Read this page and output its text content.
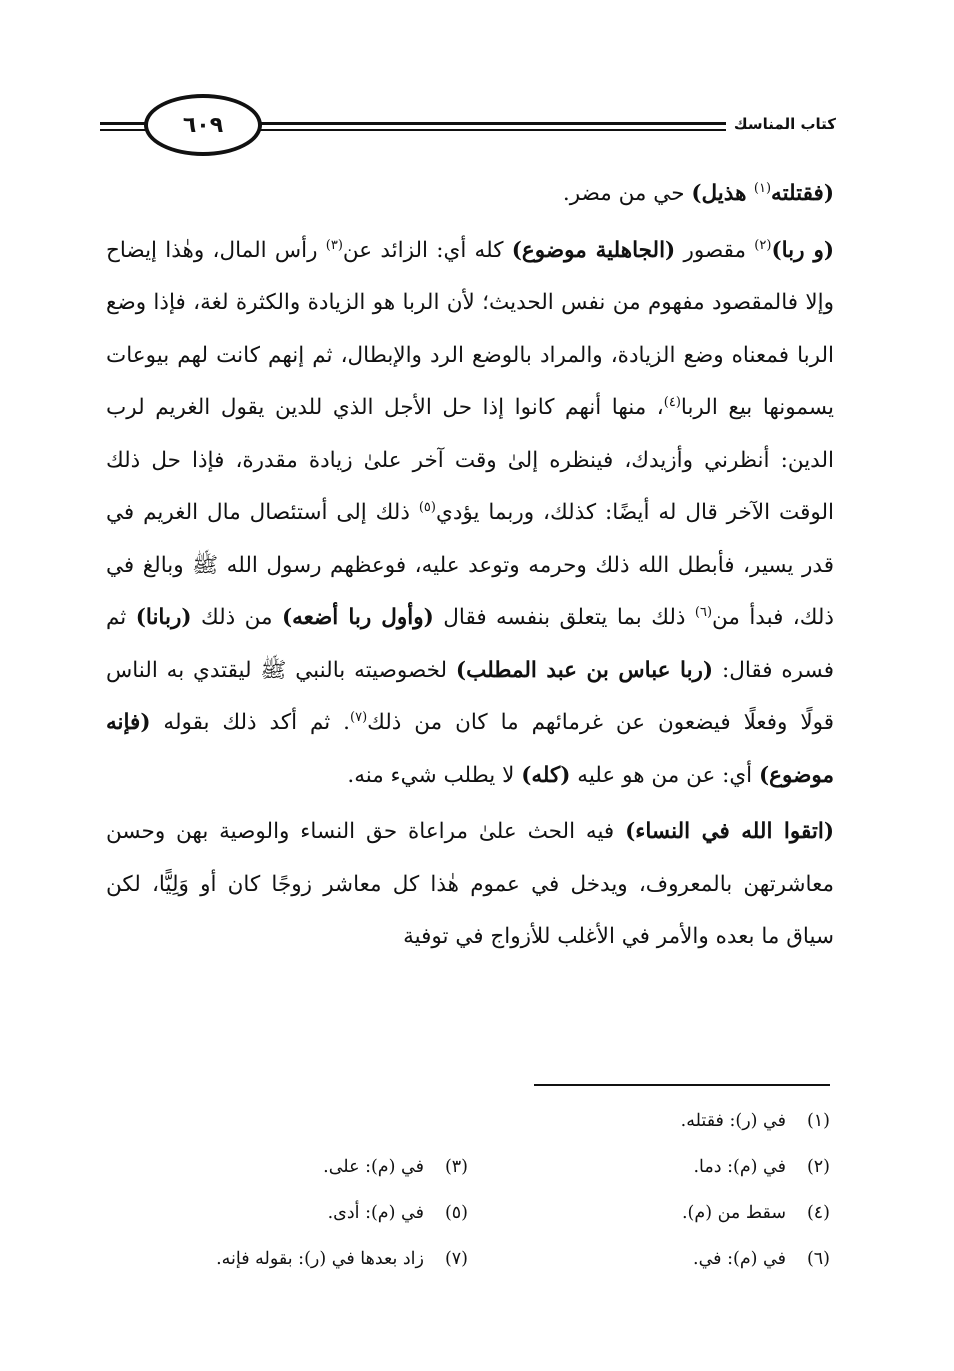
كتاب المناسك
٦٠٩

(فقتلته$^{(١)}$ هذيل) حي من مضر.

(و ربا)$^{(٢)}$ مقصور (الجاهلية موضوع) كله أي: الزائد عن$^{(٣)}$ رأس المال، وهٰذا إيضاح وإلا فالمقصود مفهوم من نفس الحديث؛ لأن الربا هو الزيادة والكثرة لغة، فإذا وضع الربا فمعناه وضع الزيادة، والمراد بالوضع الرد والإبطال، ثم إنهم كانت لهم بيوعات يسمونها بيع الربا$^{(٤)}$، منها أنهم كانوا إذا حل الأجل الذي للدين يقول الغريم لرب الدين: أنظرني وأزيدك، فينظره إلىٰ وقت آخر علىٰ زيادة مقدرة، فإذا حل ذلك الوقت الآخر قال له أيضًا: كذلك، وربما يؤدي$^{(٥)}$ ذلك إلى أستئصال مال الغريم في قدر يسير، فأبطل الله ذلك وحرمه وتوعد عليه، فوعظهم رسول الله ﷺ وبالغ في ذلك، فبدأ من$^{(٦)}$ ذلك بما يتعلق بنفسه فقال (وأول ربا أضعه) من ذلك (ربانا) ثم فسره فقال: (ربا عباس بن عبد المطلب) لخصوصيته بالنبي ﷺ ليقتدي به الناس قولًا وفعلًا فيضعون عن غرمائهم ما كان من ذلك$^{(٧)}$. ثم أكد ذلك بقوله (فإنه موضوع) أي: عن من هو عليه (كله) لا يطلب شيء منه.

(اتقوا الله في النساء) فيه الحث علىٰ مراعاة حق النساء والوصية بهن وحسن معاشرتهن بالمعروف، ويدخل في عموم هٰذا كل معاشر زوجًا كان أو وَلِيًّا، لكن سياق ما بعده والأمر في الأغلب للأزواج في توفية

(١)في (ر): فقتله.
(٢)في (م): دما.
(٣)في (م): على.
(٤)سقط من (م).
(٥)في (م): أدى.
(٦)في (م): في.
(٧)زاد بعدها في (ر): بقوله فإنه.
